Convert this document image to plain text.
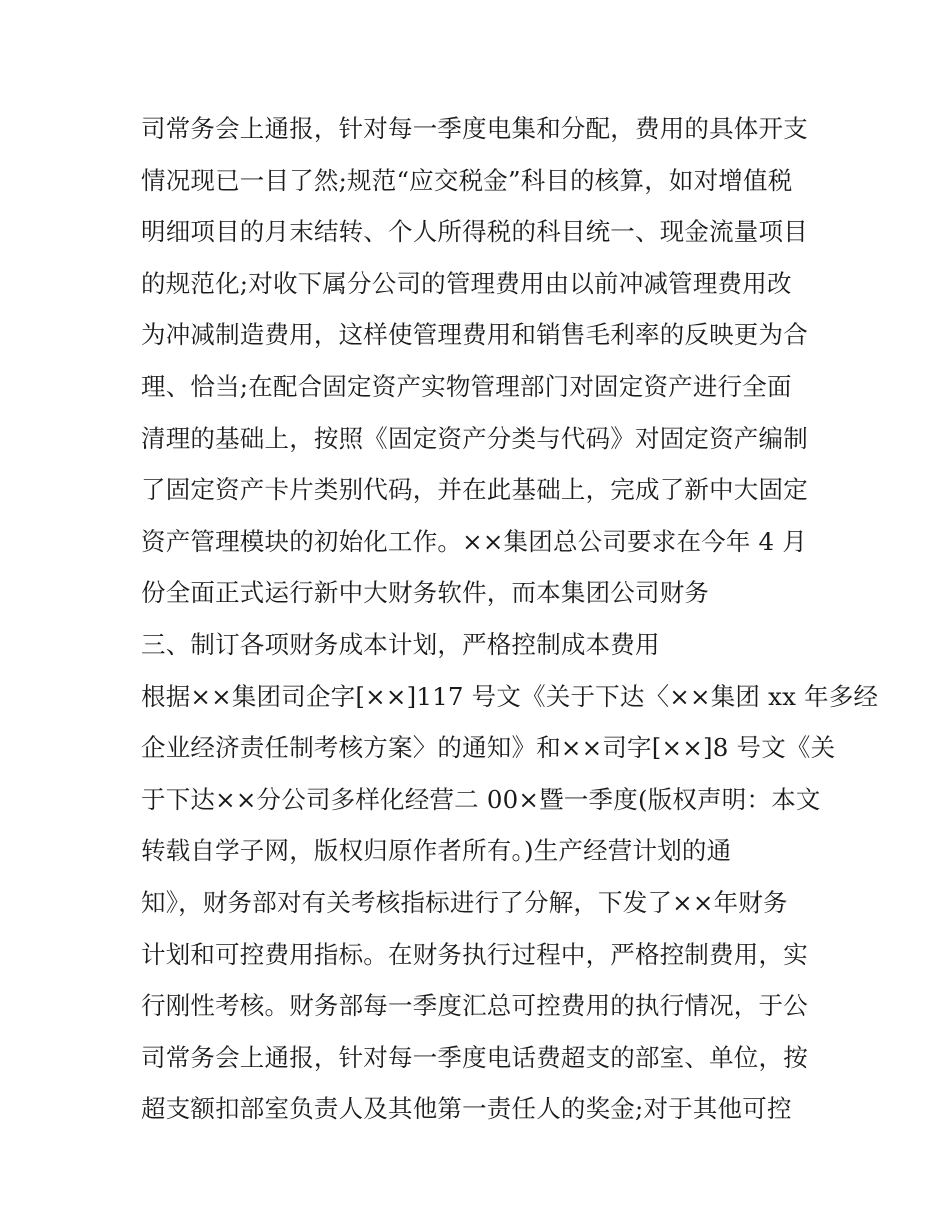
司常务会上通报，针对每一季度电集和分配，费用的具体开支
情况现已一目了然;规范“应交税金”科目的核算，如对增值税
明细项目的月末结转、个人所得税的科目统一、现金流量项目
的规范化;对收下属分公司的管理费用由以前冲减管理费用改
为冲减制造费用，这样使管理费用和销售毛利率的反映更为合
理、恰当;在配合固定资产实物管理部门对固定资产进行全面
清理的基础上，按照《固定资产分类与代码》对固定资产编制
了固定资产卡片类别代码，并在此基础上，完成了新中大固定
资产管理模块的初始化工作。××集团总公司要求在今年 4 月
份全面正式运行新中大财务软件，而本集团公司财务
三、制订各项财务成本计划，严格控制成本费用
根据××集团司企字[××]117 号文《关于下达〈××集团 xx 年多经
企业经济责任制考核方案〉的通知》和××司字[××]8 号文《关
于下达××分公司多样化经营二 00×暨一季度(版权声明：本文
转载自学子网，版权归原作者所有。)生产经营计划的通
知》，财务部对有关考核指标进行了分解，下发了××年财务
计划和可控费用指标。在财务执行过程中，严格控制费用，实
行刚性考核。财务部每一季度汇总可控费用的执行情况，于公
司常务会上通报，针对每一季度电话费超支的部室、单位，按
超支额扣部室负责人及其他第一责任人的奖金;对于其他可控
